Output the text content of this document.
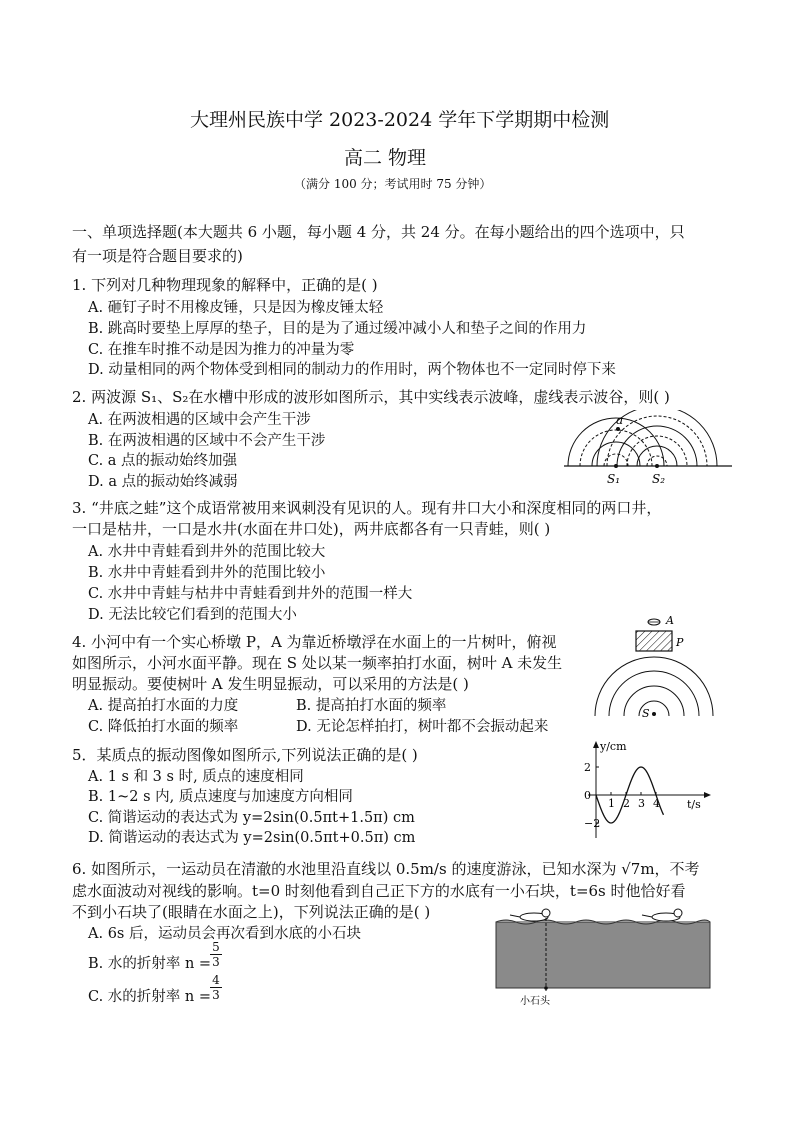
大理州民族中学 2023-2024 学年下学期期中检测
高二 物理
（满分 100 分；考试用时 75 分钟）
一、单项选择题(本大题共 6 小题，每小题 4 分，共 24 分。在每小题给出的四个选项中，只
有一项是符合题目要求的)
1. 下列对几种物理现象的解释中，正确的是( )
A. 砸钉子时不用橡皮锤，只是因为橡皮锤太轻
B. 跳高时要垫上厚厚的垫子，目的是为了通过缓冲减小人和垫子之间的作用力
C. 在推车时推不动是因为推力的冲量为零
D. 动量相同的两个物体受到相同的制动力的作用时，两个物体也不一定同时停下来
2. 两波源 S₁、S₂在水槽中形成的波形如图所示，其中实线表示波峰，虚线表示波谷，则( )
A. 在两波相遇的区域中会产生干涉
B. 在两波相遇的区域中不会产生干涉
C. a 点的振动始终加强
D. a 点的振动始终减弱
a
S₁	S₂
3. “井底之蛙”这个成语常被用来讽刺没有见识的人。现有井口大小和深度相同的两口井，
一口是枯井，一口是水井(水面在井口处)，两井底都各有一只青蛙，则( )
A. 水井中青蛙看到井外的范围比较大
B. 水井中青蛙看到井外的范围比较小
C. 水井中青蛙与枯井中青蛙看到井外的范围一样大
D. 无法比较它们看到的范围大小
4. 小河中有一个实心桥墩 P，A 为靠近桥墩浮在水面上的一片树叶，俯视
如图所示，小河水面平静。现在 S 处以某一频率拍打水面，树叶 A 未发生
明显振动。要使树叶 A 发生明显振动，可以采用的方法是( )
A. 提高拍打水面的力度	B. 提高拍打水面的频率
C. 降低拍打水面的频率	D. 无论怎样拍打，树叶都不会振动起来
A
P
S
5．某质点的振动图像如图所示,下列说法正确的是( )
A. 1 s 和 3 s 时, 质点的速度相同
B. 1~2 s 内, 质点速度与加速度方向相同
C. 简谐运动的表达式为 y=2sin(0.5πt+1.5π) cm
D. 简谐运动的表达式为 y=2sin(0.5πt+0.5π) cm
y/cm
t/s
2
0
−2
1 2 3 4
6. 如图所示，一运动员在清澈的水池里沿直线以 0.5m/s 的速度游泳，已知水深为 √7m，不考
虑水面波动对视线的影响。t=0 时刻他看到自己正下方的水底有一小石块，t=6s 时他恰好看
不到小石块了(眼睛在水面之上)，下列说法正确的是( )
A. 6s 后，运动员会再次看到水底的小石块
B. 水的折射率 n =
$\frac{5}{3}$
C. 水的折射率 n =
$\frac{4}{3}$	小石头
